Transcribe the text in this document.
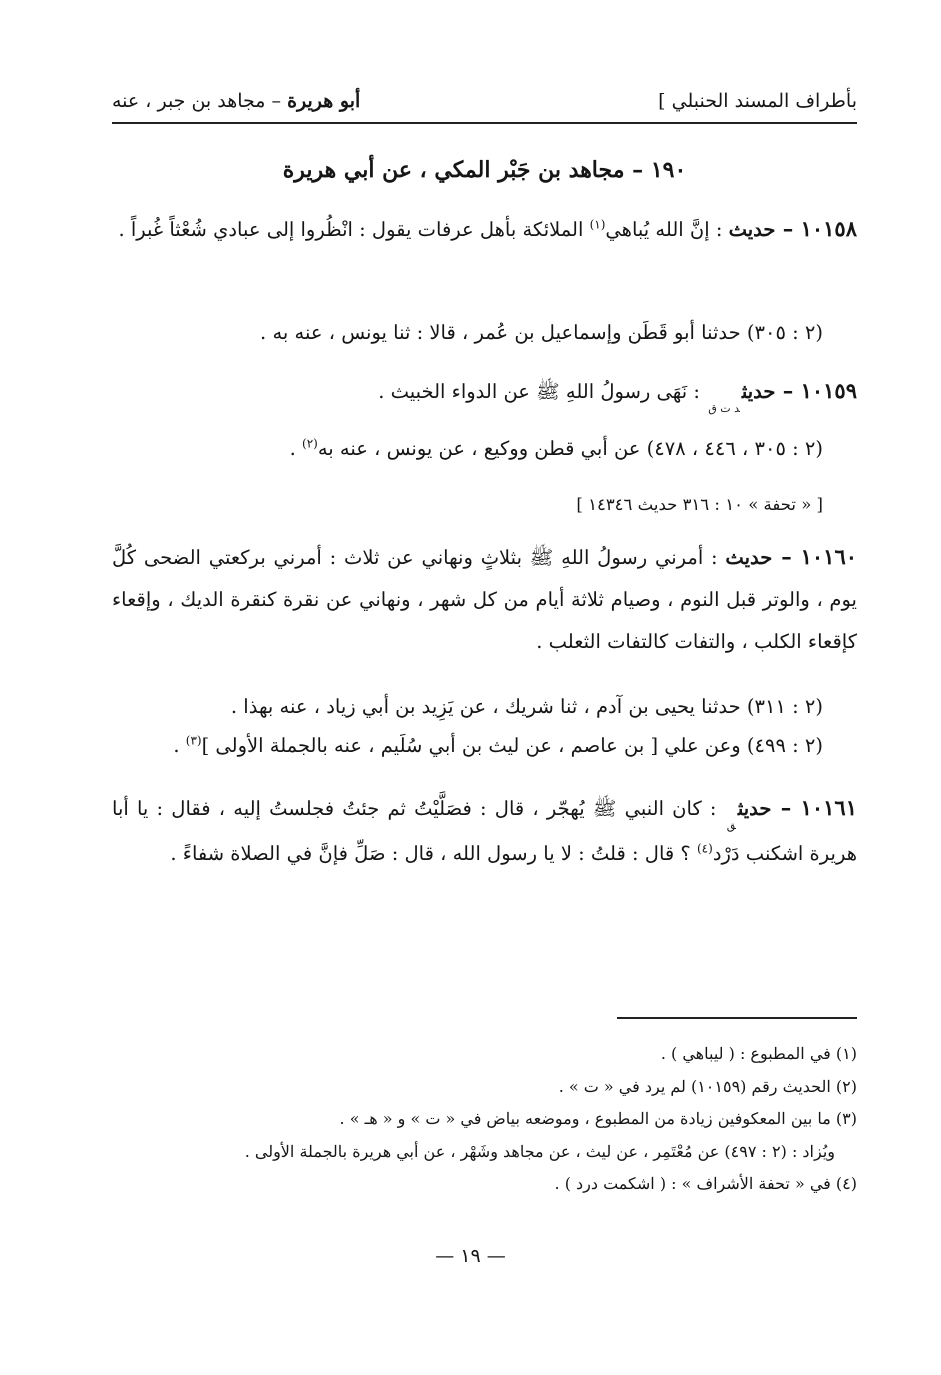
بأطراف المسند الحنبلي ]
أبو هريرة – مجاهد بن جبر ، عنه
١٩٠ – مجاهد بن جَبْر المكي ، عن أبي هريرة
١٠١٥٨ – حديث : إنَّ الله يُباهي$^{(١)}$ الملائكة بأهل عرفات يقول : انْظُروا إلى عبادي شُعْثاً غُبراً .
(٢ : ٣٠٥) حدثنا أبو قَطَن وإسماعيل بن عُمر ، قالا : ثنا يونس ، عنه به .
١٠١٥٩ – حديث$_{د ت ق}$ : نَهَى رسولُ اللهِ ﷺ عن الدواء الخبيث .
(٢ : ٣٠٥ ، ٤٤٦ ، ٤٧٨) عن أبي قطن ووكيع ، عن يونس ، عنه به$^{(٢)}$ .
[ « تحفة » ١٠ : ٣١٦ حديث ١٤٣٤٦ ]
١٠١٦٠ – حديث : أمرني رسولُ اللهِ ﷺ بثلاثٍ ونهاني عن ثلاث : أمرني بركعتي الضحى كُلَّ يوم ، والوتر قبل النوم ، وصيام ثلاثة أيام من كل شهر ، ونهاني عن نقرة كنقرة الديك ، وإقعاء كإقعاء الكلب ، والتفات كالتفات الثعلب .
(٢ : ٣١١) حدثنا يحيى بن آدم ، ثنا شريك ، عن يَزِيد بن أبي زياد ، عنه بهذا .
(٢ : ٤٩٩) وعن علي [ بن عاصم ، عن ليث بن أبي سُلَيم ، عنه بالجملة الأولى ]$^{(٣)}$ .
١٠١٦١ – حديث$_ق$ : كان النبي ﷺ يُهجّر ، قال : فصَلَّيْتُ ثم جئتُ فجلستُ إليه ، فقال : يا أبا هريرة اشكنب دَرْد$^{(٤)}$ ؟ قال : قلتُ : لا يا رسول الله ، قال : صَلِّ فإنَّ في الصلاة شفاءً .
(١) في المطبوع : ( ليباهي ) .
(٢) الحديث رقم (١٠١٥٩) لم يرد في « ت » .
(٣) ما بين المعكوفين زيادة من المطبوع ، وموضعه بياض في « ت » و « هـ » .
ويُزاد : (٢ : ٤٩٧) عن مُعْتَمِر ، عن ليث ، عن مجاهد وشَهْر ، عن أبي هريرة بالجملة الأولى .
(٤) في « تحفة الأشراف » : ( اشكمت درد ) .
— ١٩ —
